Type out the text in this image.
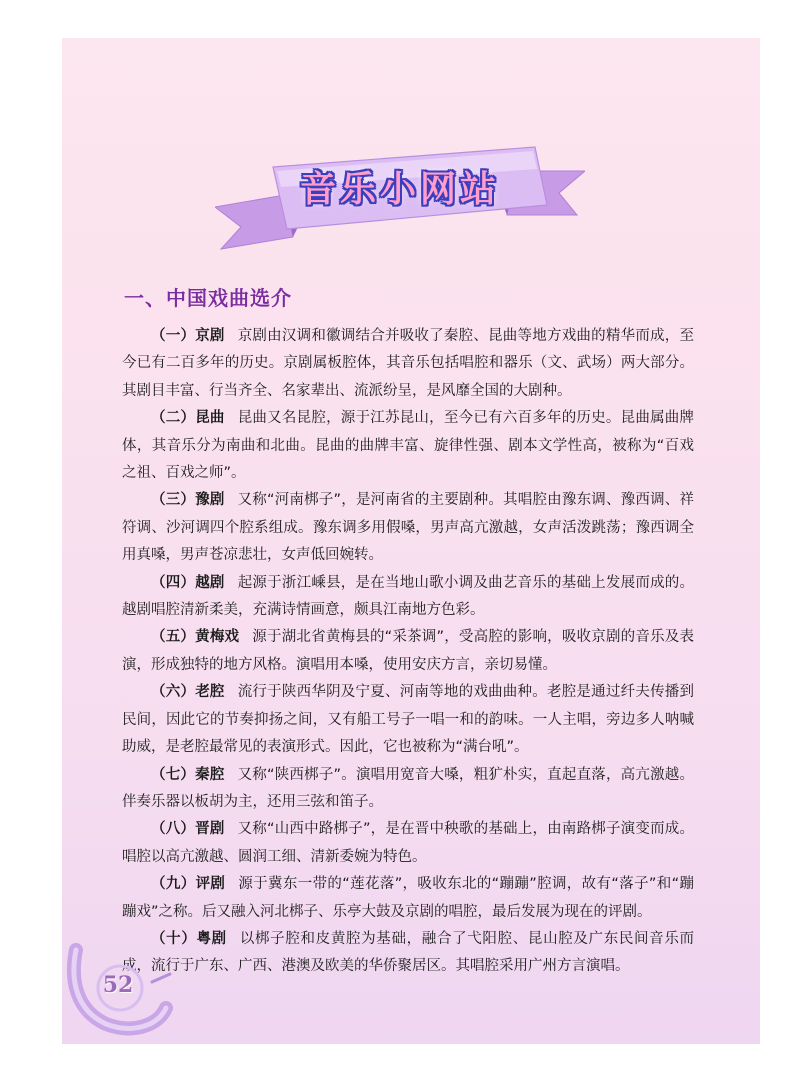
音乐小网站
一、中国戏曲选介

（一）京剧 京剧由汉调和徽调结合并吸收了秦腔、昆曲等地方戏曲的精华而成，至今已有二百多年的历史。京剧属板腔体，其音乐包括唱腔和器乐（文、武场）两大部分。其剧目丰富、行当齐全、名家辈出、流派纷呈，是风靡全国的大剧种。

（二）昆曲 昆曲又名昆腔，源于江苏昆山，至今已有六百多年的历史。昆曲属曲牌体，其音乐分为南曲和北曲。昆曲的曲牌丰富、旋律性强、剧本文学性高，被称为“百戏之祖、百戏之师”。

（三）豫剧 又称“河南梆子”，是河南省的主要剧种。其唱腔由豫东调、豫西调、祥符调、沙河调四个腔系组成。豫东调多用假嗓，男声高亢激越，女声活泼跳荡；豫西调全用真嗓，男声苍凉悲壮，女声低回婉转。

（四）越剧 起源于浙江嵊县，是在当地山歌小调及曲艺音乐的基础上发展而成的。越剧唱腔清新柔美，充满诗情画意，颇具江南地方色彩。

（五）黄梅戏 源于湖北省黄梅县的“采茶调”，受高腔的影响，吸收京剧的音乐及表演，形成独特的地方风格。演唱用本嗓，使用安庆方言，亲切易懂。

（六）老腔 流行于陕西华阴及宁夏、河南等地的戏曲曲种。老腔是通过纤夫传播到民间，因此它的节奏抑扬之间，又有船工号子一唱一和的韵味。一人主唱，旁边多人呐喊助威，是老腔最常见的表演形式。因此，它也被称为“满台吼”。

（七）秦腔 又称“陕西梆子”。演唱用宽音大嗓，粗犷朴实，直起直落，高亢激越。伴奏乐器以板胡为主，还用三弦和笛子。

（八）晋剧 又称“山西中路梆子”，是在晋中秧歌的基础上，由南路梆子演变而成。唱腔以高亢激越、圆润工细、清新委婉为特色。

（九）评剧 源于冀东一带的“莲花落”，吸收东北的“蹦蹦”腔调，故有“落子”和“蹦蹦戏”之称。后又融入河北梆子、乐亭大鼓及京剧的唱腔，最后发展为现在的评剧。

（十）粤剧 以梆子腔和皮黄腔为基础，融合了弋阳腔、昆山腔及广东民间音乐而成，流行于广东、广西、港澳及欧美的华侨聚居区。其唱腔采用广州方言演唱。

52
